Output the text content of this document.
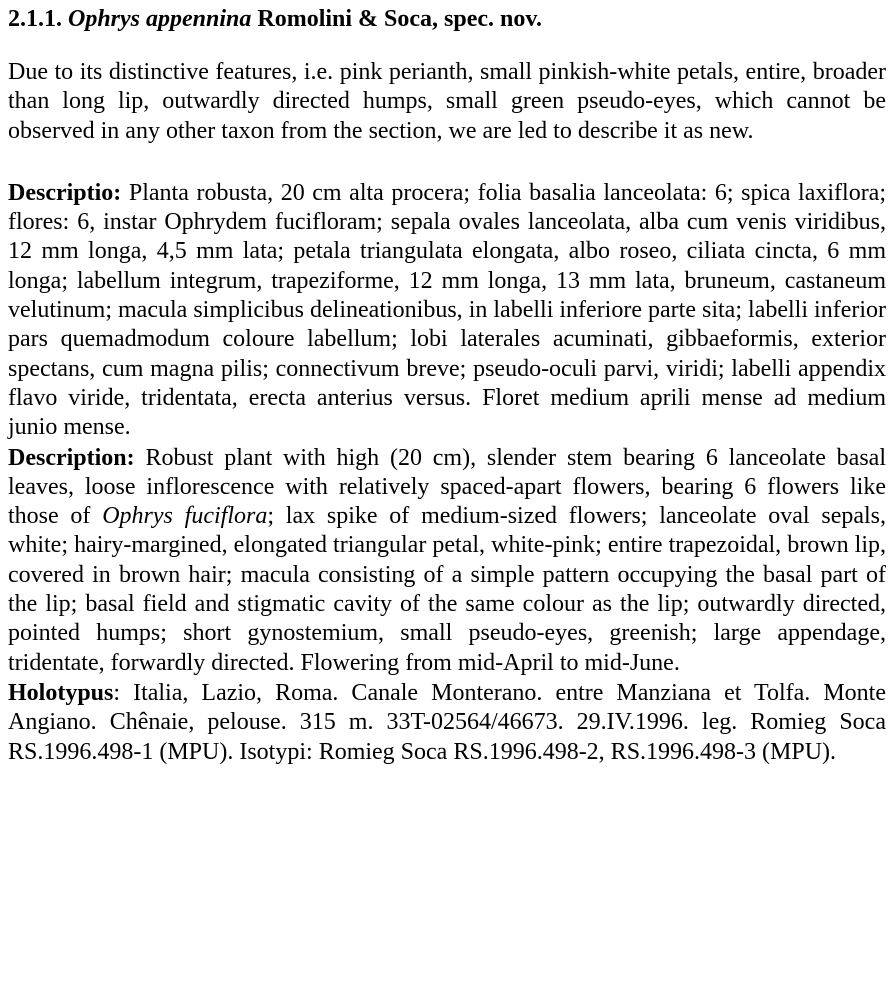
2.1.1. Ophrys appennina Romolini & Soca, spec. nov.

Due to its distinctive features, i.e. pink perianth, small pinkish-white petals, entire, broader than long lip, outwardly directed humps, small green pseudo-eyes, which cannot be observed in any other taxon from the section, we are led to describe it as new.

Descriptio: Planta robusta, 20 cm alta procera; folia basalia lanceolata: 6; spica laxiflora; flores: 6, instar Ophrydem fucifloram; sepala ovales lanceolata, alba cum venis viridibus, 12 mm longa, 4,5 mm lata; petala triangulata elongata, albo roseo, ciliata cincta, 6 mm longa; labellum integrum, trapeziforme, 12 mm longa, 13 mm lata, bruneum, castaneum velutinum; macula simplicibus delineationibus, in labelli inferiore parte sita; labelli inferior pars quemadmodum coloure labellum; lobi laterales acuminati, gibbaeformis, exterior spectans, cum magna pilis; connectivum breve; pseudo-oculi parvi, viridi; labelli appendix flavo viride, tridentata, erecta anterius versus. Floret medium aprili mense ad medium junio mense.

Description: Robust plant with high (20 cm), slender stem bearing 6 lanceolate basal leaves, loose inflorescence with relatively spaced-apart flowers, bearing 6 flowers like those of Ophrys fuciflora; lax spike of medium-sized flowers; lanceolate oval sepals, white; hairy-margined, elongated triangular petal, white-pink; entire trapezoidal, brown lip, covered in brown hair; macula consisting of a simple pattern occupying the basal part of the lip; basal field and stigmatic cavity of the same colour as the lip; outwardly directed, pointed humps; short gynostemium, small pseudo-eyes, greenish; large appendage, tridentate, forwardly directed. Flowering from mid-April to mid-June.

Holotypus: Italia, Lazio, Roma. Canale Monterano. entre Manziana et Tolfa. Monte Angiano. Chênaie, pelouse. 315 m. 33T-02564/46673. 29.IV.1996. leg. Romieg Soca RS.1996.498-1 (MPU). Isotypi: Romieg Soca RS.1996.498-2, RS.1996.498-3 (MPU).
